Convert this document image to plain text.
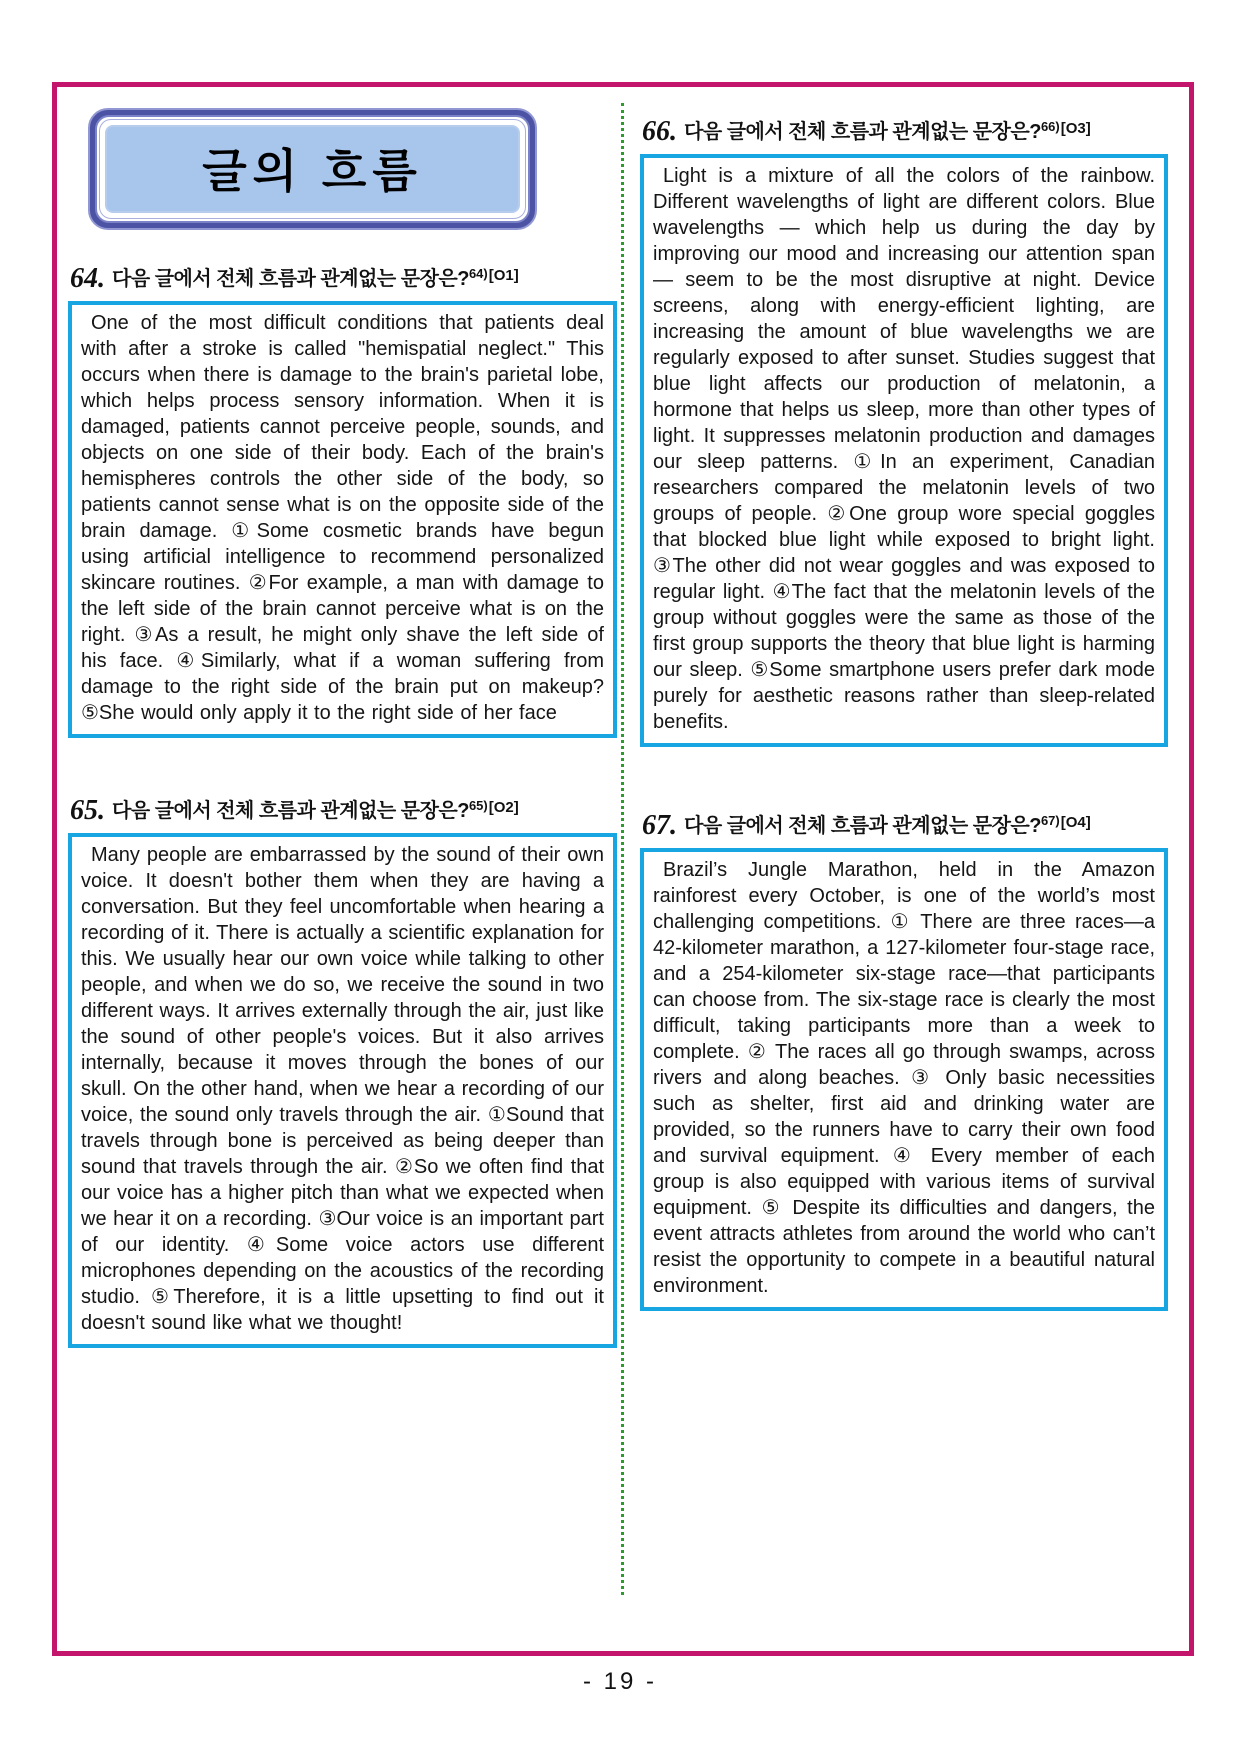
글의 흐름
64. 다음 글에서 전체 흐름과 관계없는 문장은?$^{64)}$[O1]
One of the most difficult conditions that patients deal with after a stroke is called "hemispatial neglect." This occurs when there is damage to the brain's parietal lobe, which helps process sensory information. When it is damaged, patients cannot perceive people, sounds, and objects on one side of their body. Each of the brain's hemispheres controls the other side of the body, so patients cannot sense what is on the opposite side of the brain damage. ①Some cosmetic brands have begun using artificial intelligence to recommend personalized skincare routines. ②For example, a man with damage to the left side of the brain cannot perceive what is on the right. ③As a result, he might only shave the left side of his face. ④Similarly, what if a woman suffering from damage to the right side of the brain put on makeup? ⑤She would only apply it to the right side of her face
65. 다음 글에서 전체 흐름과 관계없는 문장은?$^{65)}$[O2]
Many people are embarrassed by the sound of their own voice. It doesn't bother them when they are having a conversation. But they feel uncomfortable when hearing a recording of it. There is actually a scientific explanation for this. We usually hear our own voice while talking to other people, and when we do so, we receive the sound in two different ways. It arrives externally through the air, just like the sound of other people's voices. But it also arrives internally, because it moves through the bones of our skull. On the other hand, when we hear a recording of our voice, the sound only travels through the air. ①Sound that travels through bone is perceived as being deeper than sound that travels through the air. ②So we often find that our voice has a higher pitch than what we expected when we hear it on a recording. ③Our voice is an important part of our identity. ④Some voice actors use different microphones depending on the acoustics of the recording studio. ⑤Therefore, it is a little upsetting to find out it doesn't sound like what we thought!
66. 다음 글에서 전체 흐름과 관계없는 문장은?$^{66)}$[O3]
Light is a mixture of all the colors of the rainbow. Different wavelengths of light are different colors. Blue wavelengths — which help us during the day by improving our mood and increasing our attention span — seem to be the most disruptive at night. Device screens, along with energy-efficient lighting, are increasing the amount of blue wavelengths we are regularly exposed to after sunset. Studies suggest that blue light affects our production of melatonin, a hormone that helps us sleep, more than other types of light. It suppresses melatonin production and damages our sleep patterns. ①In an experiment, Canadian researchers compared the melatonin levels of two groups of people. ②One group wore special goggles that blocked blue light while exposed to bright light. ③The other did not wear goggles and was exposed to regular light. ④The fact that the melatonin levels of the group without goggles were the same as those of the first group supports the theory that blue light is harming our sleep. ⑤Some smartphone users prefer dark mode purely for aesthetic reasons rather than sleep-related benefits.
67. 다음 글에서 전체 흐름과 관계없는 문장은?$^{67)}$[O4]
Brazil’s Jungle Marathon, held in the Amazon rainforest every October, is one of the world’s most challenging competitions. ① There are three races—a 42-kilometer marathon, a 127-kilometer four-stage race, and a 254-kilometer six-stage race—that participants can choose from. The six-stage race is clearly the most difficult, taking participants more than a week to complete. ② The races all go through swamps, across rivers and along beaches. ③ Only basic necessities such as shelter, first aid and drinking water are provided, so the runners have to carry their own food and survival equipment. ④ Every member of each group is also equipped with various items of survival equipment. ⑤ Despite its difficulties and dangers, the event attracts athletes from around the world who can’t resist the opportunity to compete in a beautiful natural environment.
- 19 -
